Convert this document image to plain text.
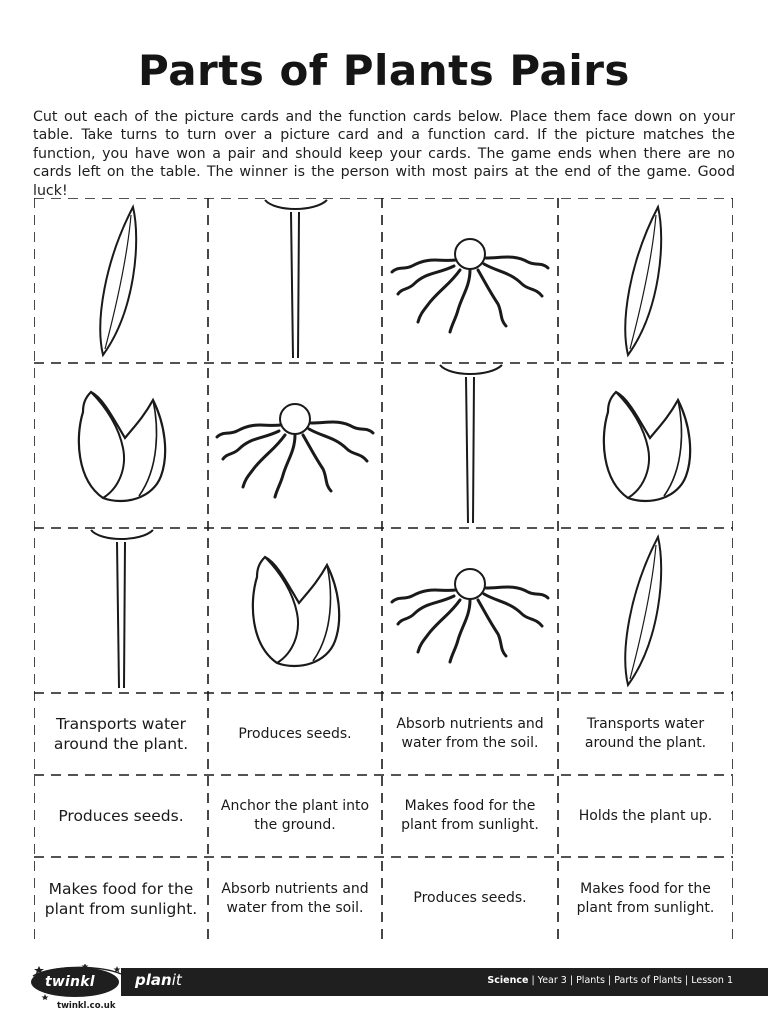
Parts of Plants Pairs
Cut out each of the picture cards and the function cards below. Place them face down on your table. Take turns to turn over a picture card and a function card. If the picture matches the function, you have won a pair and should keep your cards. The game ends when there are no cards left on the table. The winner is the person with most pairs at the end of the game. Good luck!
Transports water around the plant.
Produces seeds.
Absorb nutrients and water from the soil.
Transports water around the plant.
Produces seeds.
Anchor the plant into the ground.
Makes food for the plant from sunlight.
Holds the plant up.
Makes food for the plant from sunlight.
Absorb nutrients and water from the soil.
Produces seeds.
Makes food for the plant from sunlight.
twinkl	planit	Science | Year 3 | Plants | Parts of Plants | Lesson 1
twinkl.co.uk
